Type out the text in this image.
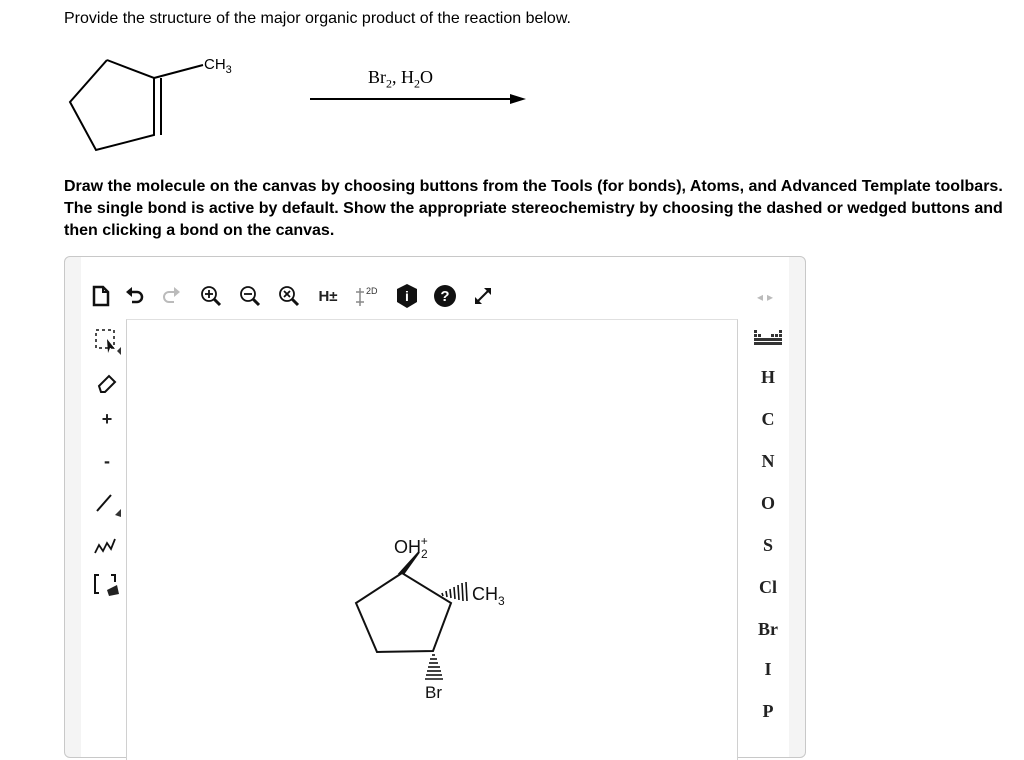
Provide the structure of the major organic product of the reaction below.
$CH_3$	$Br_2$, $H_2O$
Draw the molecule on the canvas by choosing buttons from the Tools (for bonds), Atoms, and Advanced Template toolbars. The single bond is active by default. Show the appropriate stereochemistry by choosing the dashed or wedged buttons and then clicking a bond on the canvas.
H±	2D i ?	◂▸
+
-
$OH_2+$
$CH_3$
Br
H
C
N
O
S
Cl
Br
I
P
